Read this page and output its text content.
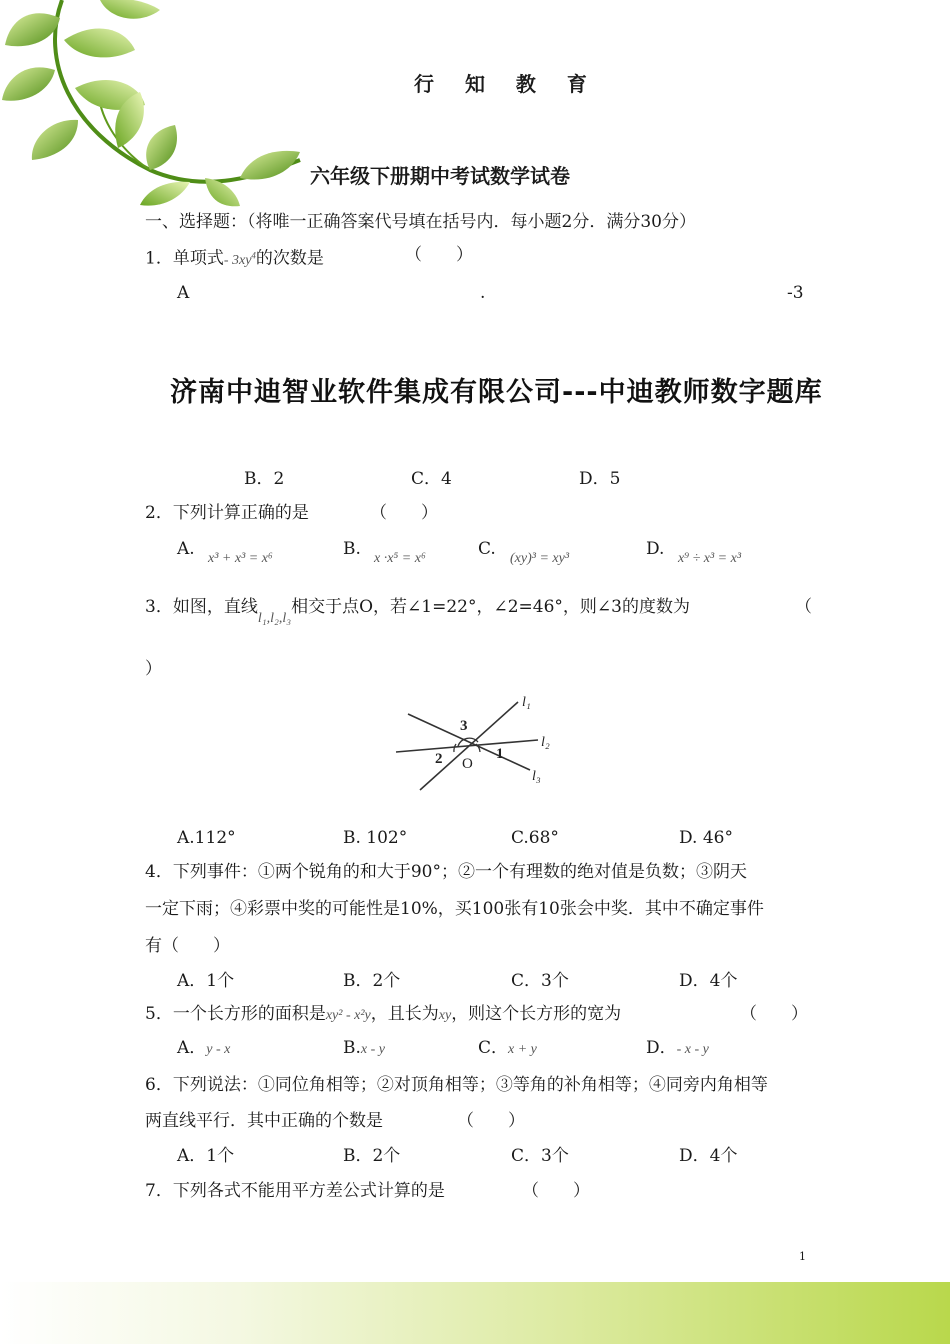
行 知 教 育
六年级下册期中考试数学试卷
一、选择题：（将唯一正确答案代号填在括号内．每小题2分．满分30分）
1．单项式- $3xy^4$的次数是	（　　）
A	.	-3
济南中迪智业软件集成有限公司---中迪教师数字题库
B．2	C．4	D．5
2．下列计算正确的是	（　　）
A. x³ + x³ = x⁶	B. x ·x⁵ = x⁶	C. (xy)³ = xy³	D. x⁹ ÷ x³ = x³
3．如图，直线$_{l_1,l_2,l_3}$相交于点O，若∠1=22°，∠2=46°，则∠3的度数为	（
）
l₁
l₂
l₃
3
2	1
O
A.112°	B. 102°	C.68°	D. 46°
4．下列事件：①两个锐角的和大于90°；②一个有理数的绝对值是负数；③阴天
一定下雨；④彩票中奖的可能性是10%，买100张有10张会中奖．其中不确定事件
有（　　）
A．1个	B．2个	C．3个	D．4个
5．一个长方形的面积是xy² - x²y，且长为xy，则这个长方形的宽为	（　　）
A．y - x	B.x - y	C．x + y	D．- x - y
6．下列说法：①同位角相等；②对顶角相等；③等角的补角相等；④同旁内角相等
两直线平行．其中正确的个数是	（　　）
A．1个	B．2个	C．3个	D．4个
7．下列各式不能用平方差公式计算的是	（　　）
1
